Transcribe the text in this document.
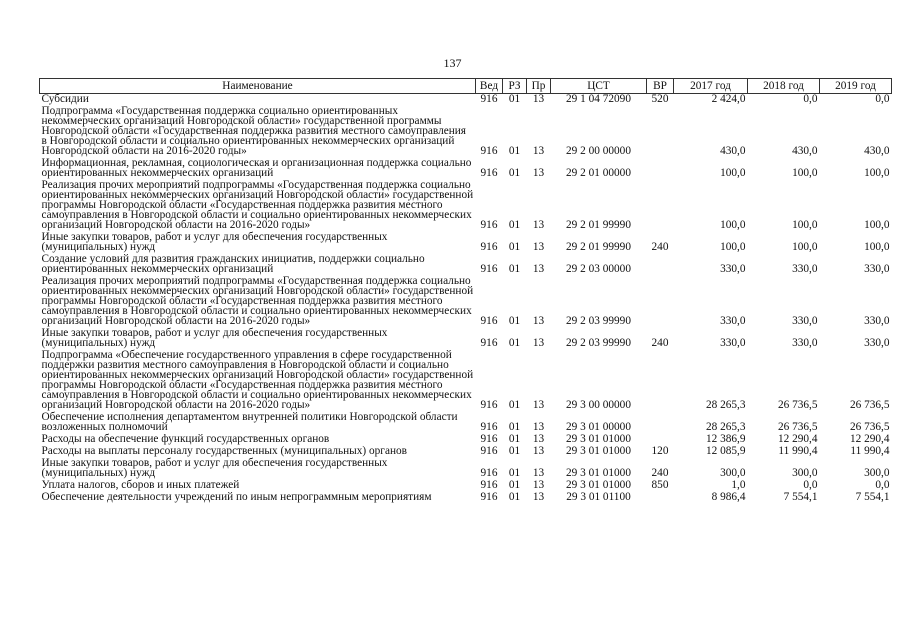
137
Наименование	Вед	РЗ	Пр	ЦСТ	ВР	2017 год	2018 год	2019 год
Субсидии	916	01	13	29 1 04 72090	520	2 424,0	0,0	0,0
Подпрограмма «Государственная поддержка социально ориентированных некоммерческих организаций Новгородской области» государственной программы Новгородской области «Государственная поддержка развития местного самоуправления в Новгородской области и социально ориентированных некоммерческих организаций Новгородской области на 2016-2020 годы»	916	01	13	29 2 00 00000		430,0	430,0	430,0
Информационная, рекламная, социологическая и организационная поддержка социально ориентированных некоммерческих организаций	916	01	13	29 2 01 00000		100,0	100,0	100,0
Реализация прочих мероприятий подпрограммы «Государственная поддержка социально ориентированных некоммерческих организаций Новгородской области» государственной программы Новгородской области «Государственная поддержка развития местного самоуправления в Новгородской области и социально ориентированных некоммерческих организаций Новгородской области на 2016-2020 годы»	916	01	13	29 2 01 99990		100,0	100,0	100,0
Иные закупки товаров, работ и услуг для обеспечения государственных (муниципальных) нужд	916	01	13	29 2 01 99990	240	100,0	100,0	100,0
Создание условий для развития гражданских инициатив, поддержки социально ориентированных некоммерческих организаций	916	01	13	29 2 03 00000		330,0	330,0	330,0
Реализация прочих мероприятий подпрограммы «Государственная поддержка социально ориентированных некоммерческих организаций Новгородской области» государственной программы Новгородской области «Государственная поддержка развития местного самоуправления в Новгородской области и социально ориентированных некоммерческих организаций Новгородской области на 2016-2020 годы»	916	01	13	29 2 03 99990		330,0	330,0	330,0
Иные закупки товаров, работ и услуг для обеспечения государственных (муниципальных) нужд	916	01	13	29 2 03 99990	240	330,0	330,0	330,0
Подпрограмма «Обеспечение государственного управления в сфере государственной поддержки развития местного самоуправления в Новгородской области и социально ориентированных некоммерческих организаций Новгородской области» государственной программы Новгородской области «Государственная поддержка развития местного самоуправления в Новгородской области и социально ориентированных некоммерческих организаций Новгородской области на 2016-2020 годы»	916	01	13	29 3 00 00000		28 265,3	26 736,5	26 736,5
Обеспечение исполнения департаментом внутренней политики Новгородской области возложенных полномочий	916	01	13	29 3 01 00000		28 265,3	26 736,5	26 736,5
Расходы на обеспечение функций государственных органов	916	01	13	29 3 01 01000		12 386,9	12 290,4	12 290,4
Расходы на выплаты персоналу государственных (муниципальных) органов	916	01	13	29 3 01 01000	120	12 085,9	11 990,4	11 990,4
Иные закупки товаров, работ и услуг для обеспечения государственных (муниципальных) нужд	916	01	13	29 3 01 01000	240	300,0	300,0	300,0
Уплата налогов, сборов и иных платежей	916	01	13	29 3 01 01000	850	1,0	0,0	0,0
Обеспечение деятельности учреждений по иным непрограммным мероприятиям	916	01	13	29 3 01 01100		8 986,4	7 554,1	7 554,1
